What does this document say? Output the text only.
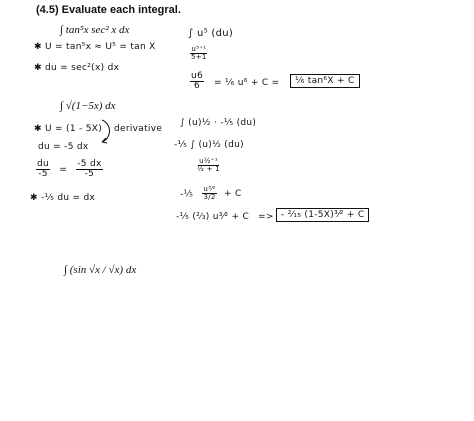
(4.5) Evaluate each integral.
∫ tan⁵x sec² x dx
✱ U = tan⁵x ≈ U⁵ = tan X
✱ du = sec²(x) dx
∫ u⁵ (du)
$\frac{\text{u⁵⁺¹}}{5+1}$
$\frac{u6}{6}$ = ¹⁄₆ u⁶ + C =	¹⁄₆ tan⁶X + C
∫ √(1−5x) dx
✱ U = (1 - 5X) derivative
du = -5 dx
$\frac{du}{-5} = \frac{-5 dx}{-5}$
✱ -¹⁄₅ du = dx
∫ (u)½ · -¹⁄₅ (du)
-¹⁄₅ ∫ (u)½ (du)
$\frac{\text{u½⁺¹}}{\text{½ + 1}}$
-¹⁄₅ $\frac{\text{u³⁄²}}{3/2} + C$
-¹⁄₅ (²⁄₃) u³⁄² + C => - ²⁄₁₅ (1-5X)³⁄² + C
∫ (sin √x / √x) dx
